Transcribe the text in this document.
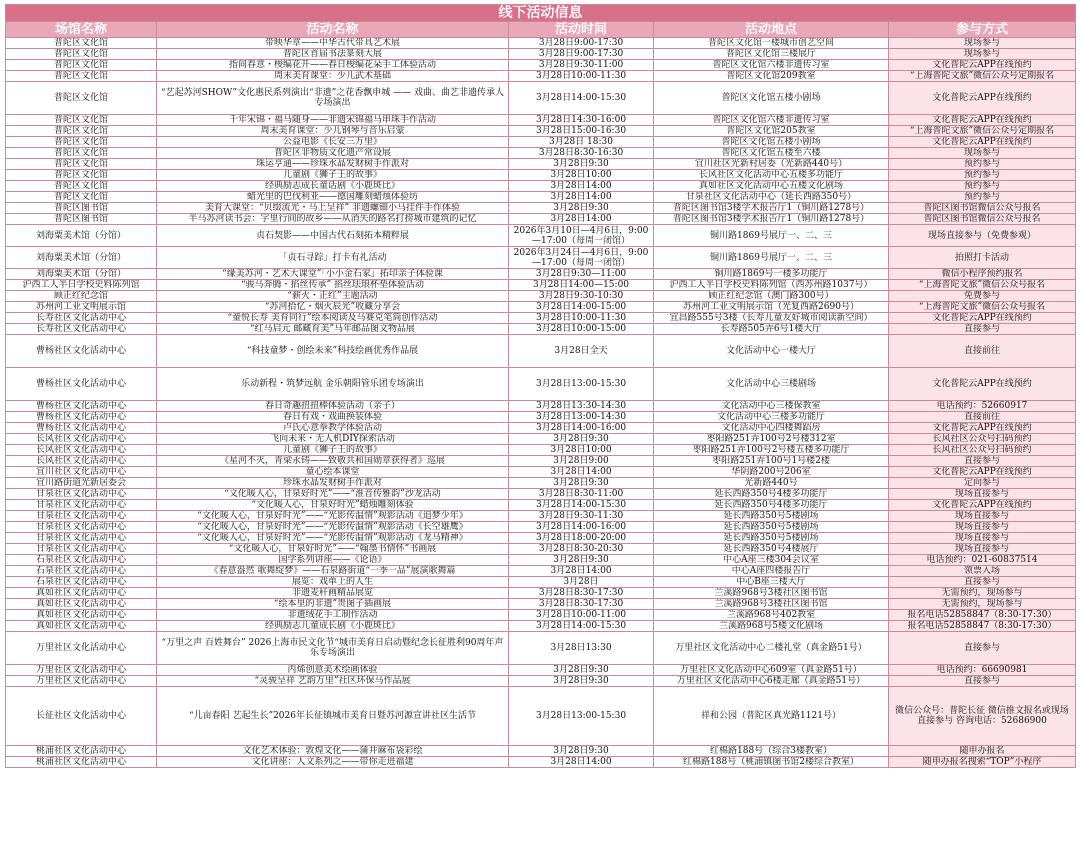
线下活动信息				
场馆名称	活动名称	活动时间	活动地点	参与方式
普陀区文化馆	带映华章——中华古代带具艺术展	3月28日9:00-17:30	普陀区文化馆一楼城市创艺空间	现场参与
普陀区文化馆	普陀区首届书法篆刻大展	3月28日9:00-17:30	普陀区文化馆三楼展厅	现场参与
普陀区文化馆	指间春意・梭编花开——春日梭编花朵手工体验活动	3月28日9:30-11:00	普陀区文化馆六楼非遗传习室	文化普陀云APP在线预约
普陀区文化馆	周末美育课堂：少儿武术基础	3月28日10:00-11:30	普陀区文化馆209教室	“上海普陀文旅”微信公众号定期报名
普陀区文化馆	“艺起苏河SHOW”文化惠民系列演出“非遗”之花香飘申城 —— 戏曲、曲艺非遗传承人专场演出	3月28日14:00-15:30	普陀区文化馆五楼小剧场	文化普陀云APP在线预约
普陀区文化馆	千年宋锦・福马随身——非遗宋锦福马串珠手作活动	3月28日14:30-16:00	普陀区文化馆六楼非遗传习室	文化普陀云APP在线预约
普陀区文化馆	周末美育课堂：少儿钢琴与音乐启蒙	3月28日15:00-16:30	普陀区文化馆205教室	“上海普陀文旅”微信公众号定期报名
普陀区文化馆	公益电影《长安三万里》	3月28日 18:30	普陀区文化馆五楼小剧场	文化普陀云APP在线预约
普陀区文化馆	普陀区非物质文化遗产常设展	3月28日8:30-16:30	普陀区文化馆五楼至六楼	现场参与
普陀区文化馆	珠运亨通——珍珠水晶发财树手作派对	3月28日9:30	宜川社区光新村居委（光新路440号）	预约参与
普陀区文化馆	儿童剧《狮子王的故事》	3月28日10:00	长风社区文化活动中心五楼多功能厅	预约参与
普陀区文化馆	经典励志成长童话剧《小鹿斑比》	3月28日14:00	真如社区文化活动中心五楼文化剧场	预约参与
普陀区文化馆	蜡光里的巴伐利亚——德国雕刻蜡烛体验坊	3月28日14:00	甘泉社区文化活动中心（延长西路350号）	预约参与
普陀区图书馆	美育大课堂：“贝缀流光・马上呈祥” 非遗螺钿小马挂件手作体验	3月28日9:30	普陀区图书馆3楼学术报告厅1（铜川路1278号）	普陀区图书馆微信公众号报名
普陀区图书馆	半马苏河读书会：字里行间的故乡——从消失的路名打捞城市建筑的记忆	3月28日14:00	普陀区图书馆3楼学术报告厅1（铜川路1278号）	普陀区图书馆微信公众号报名
刘海粟美术馆（分馆）	贞石契影——中国古代石刻拓本精粹展	2026年3月10日—4月6日，9:00—17:00（每周一闭馆）	铜川路1869号展厅一、二、三	现场直接参与（免费参观）
刘海粟美术馆（分馆）	「贞石寻踪」打卡有礼活动	2026年3月24日—4月6日，9:00—17:00（每周一闭馆）	铜川路1869号展厅一、二、三	拍照打卡活动
刘海粟美术馆（分馆）	“缘美苏河・艺术大课堂”「小小金石家」拓印亲子体验课	3月28日9:30—11:00	铜川路1869号一楼多功能厅	微信小程序预约报名
沪西工人半日学校史料陈列馆	“骏马奔腾・掐丝传承” 掐丝珐琅杯垫体验活动	3月28日14:00—15:00	沪西工人半日学校史料陈列馆（西苏州路1037号）	“上海普陀文旅”微信公众号报名
顾正红纪念馆	“薪火・正红”主题活动	3月28日9:30-10:30	顾正红纪念馆（澳门路300号）	免费参与
苏州河工业文明展示馆	“苏河拾忆・烟火辰光”收藏分享会	3月28日14:00-15:00	苏州河工业文明展示馆（光复西路2690号）	“上海普陀文旅”微信公众号报名
长寿社区文化活动中心	“童悦长寿 美育同行”绘本阅读及马赛克笔筒创作活动	3月28日10:00-11:30	宜昌路555号3楼（长寿儿童友好城市阅读新空间）	文化普陀云APP在线预约
长寿社区文化活动中心	“红马启元 邮藏育美”马年邮品图文物品展	3月28日10:00-15:00	长寿路505弄6号1楼大厅	直接参与
曹杨社区文化活动中心	“科技童梦・创绘未来”科技绘画优秀作品展	3月28日全天	文化活动中心一楼大厅	直接前往
曹杨社区文化活动中心	乐动新程・筑梦远航 金乐朝阳管乐团专场演出	3月28日13:00-15:30	文化活动中心三楼剧场	文化普陀云APP在线预约
曹杨社区文化活动中心	春日奇趣扭扭棒体验活动（亲子）	3月28日13:30-14:30	文化活动中心三楼保教室	电话预约：52660917
曹杨社区文化活动中心	春日有戏・戏曲换装体验	3月28日13:00-14:30	文化活动中心三楼多功能厅	直接前往
曹杨社区文化活动中心	卢氏心意拳教学体验活动	3月28日14:00-16:00	文化活动中心四楼舞蹈房	文化普陀云APP在线预约
长风社区文化活动中心	飞向未来・无人机DIY探索活动	3月28日9:30	枣阳路251弄100号2号楼312室	长风社区公众号扫码预约
长风社区文化活动中心	儿童剧《狮子王的故事》	3月28日10:00	枣阳路251弄100号2号楼五楼多功能厅	长风社区公众号扫码预约
长风社区文化活动中心	《星河不灭，青梁永铸——致敬共和国勋章获得者》巡展	3月28日9:00	枣阳路251弄100号1号楼2楼	直接参与
宜川社区文化活动中心	童心绘本课堂	3月28日14:00	华阴路200号206室	文化普陀云APP在线预约
宜川路街道光新居委会	珍珠水晶发财树手作派对	3月28日9:30	光新路440号	定向参与
甘泉社区文化活动中心	“文化暖人心，甘泉好时光”——“淮音传雅韵”沙龙活动	3月28日8:30-11:00	延长西路350号4楼多功能厅	现场直接参与
甘泉社区文化活动中心	“文化暖人心，甘泉好时光”蜡烛雕刻体验	3月28日14:00-15:30	延长西路350号4楼多功能厅	文化普陀云APP在线预约
甘泉社区文化活动中心	“文化暖人心，甘泉好时光”——“光影传温情”观影活动《追梦少年》	3月28日9:30-11:30	延长西路350号5楼剧场	现场直接参与
甘泉社区文化活动中心	“文化暖人心，甘泉好时光”——“光影传温情”观影活动《长空雄鹰》	3月28日14:00-16:00	延长西路350号5楼剧场	现场直接参与
甘泉社区文化活动中心	“文化暖人心，甘泉好时光”——“光影传温情”观影活动《龙马精神》	3月28日18:00-20:00	延长西路350号5楼剧场	现场直接参与
甘泉社区文化活动中心	“文化暖人心，甘泉好时光”——“翰墨书情怀”书画展	3月28日8:30-20:30	延长西路350号4楼展厅	现场直接参与
石泉社区文化活动中心	国学系列讲座——《论语》	3月28日9:30	中心A座三楼304会议室	电话预约：021-60837514
石泉社区文化活动中心	《春意盎然 歌舞绽梦》——石泉路街道“一季一品”展演歌舞篇	3月28日14:00	中心A座四楼报告厅	领票入场
石泉社区文化活动中心	展览：戏单上的人生	3月28日	中心B座三楼大厅	直接参与
真如社区文化活动中心	非遗麦秆画精品展览	3月28日8:30-17:30	兰溪路968号3楼社区图书馆	无需预约，现场参与
真如社区文化活动中心	“绘本里的非遗”贵图子插画展	3月28日8:30-17:30	兰溪路968号3楼社区图书馆	无需预约，现场参与
真如社区文化活动中心	非遗绒花手工制作活动	3月28日10:00-11:00	兰溪路968号402教室	报名电话52858847（8:30-17:30）
真如社区文化活动中心	经典励志儿童成长剧《小鹿斑比》	3月28日14:00-15:30	兰溪路968号5楼文化剧场	报名电话52858847（8:30-17:30）
万里社区文化活动中心	“万里之声 百姓舞台” 2026上海市民文化节“城市美育日启动暨纪念长征胜利90周年声乐专场演出	3月28日13:30	万里社区文化活动中心二楼礼堂（真金路51号）	直接参与
万里社区文化活动中心	丙烯创意美术绘画体验	3月28日9:30	万里社区文化活动中心609室（真金路51号）	电话预约：66690981
万里社区文化活动中心	“灵骏呈祥 艺韵万里”社区环保马作品展	3月28日9:30	万里社区文化活动中心6楼走廊（真金路51号）	直接参与
长征社区文化活动中心	“儿亩春阳 艺起生长”2026年长征镇城市美育日暨苏河源宣讲社区生活节	3月28日13:00-15:30	祥和公园（普陀区真光路1121号）	微信公众号：普陀长征 微信推文报名或现场直接参与 咨询电话：52686900
桃浦社区文化活动中心	文化艺术体验：敦煌文化——蒲井麻布袋彩绘	3月28日9:30	红棉路188号（综合3楼教室）	随申办报名
桃浦社区文化活动中心	文化讲座：人文系列之——带你走进福建	3月28日14:00	红棉路188号（桃浦镇图书馆2楼综合教室）	随申办报名搜索“TOP”小程序
